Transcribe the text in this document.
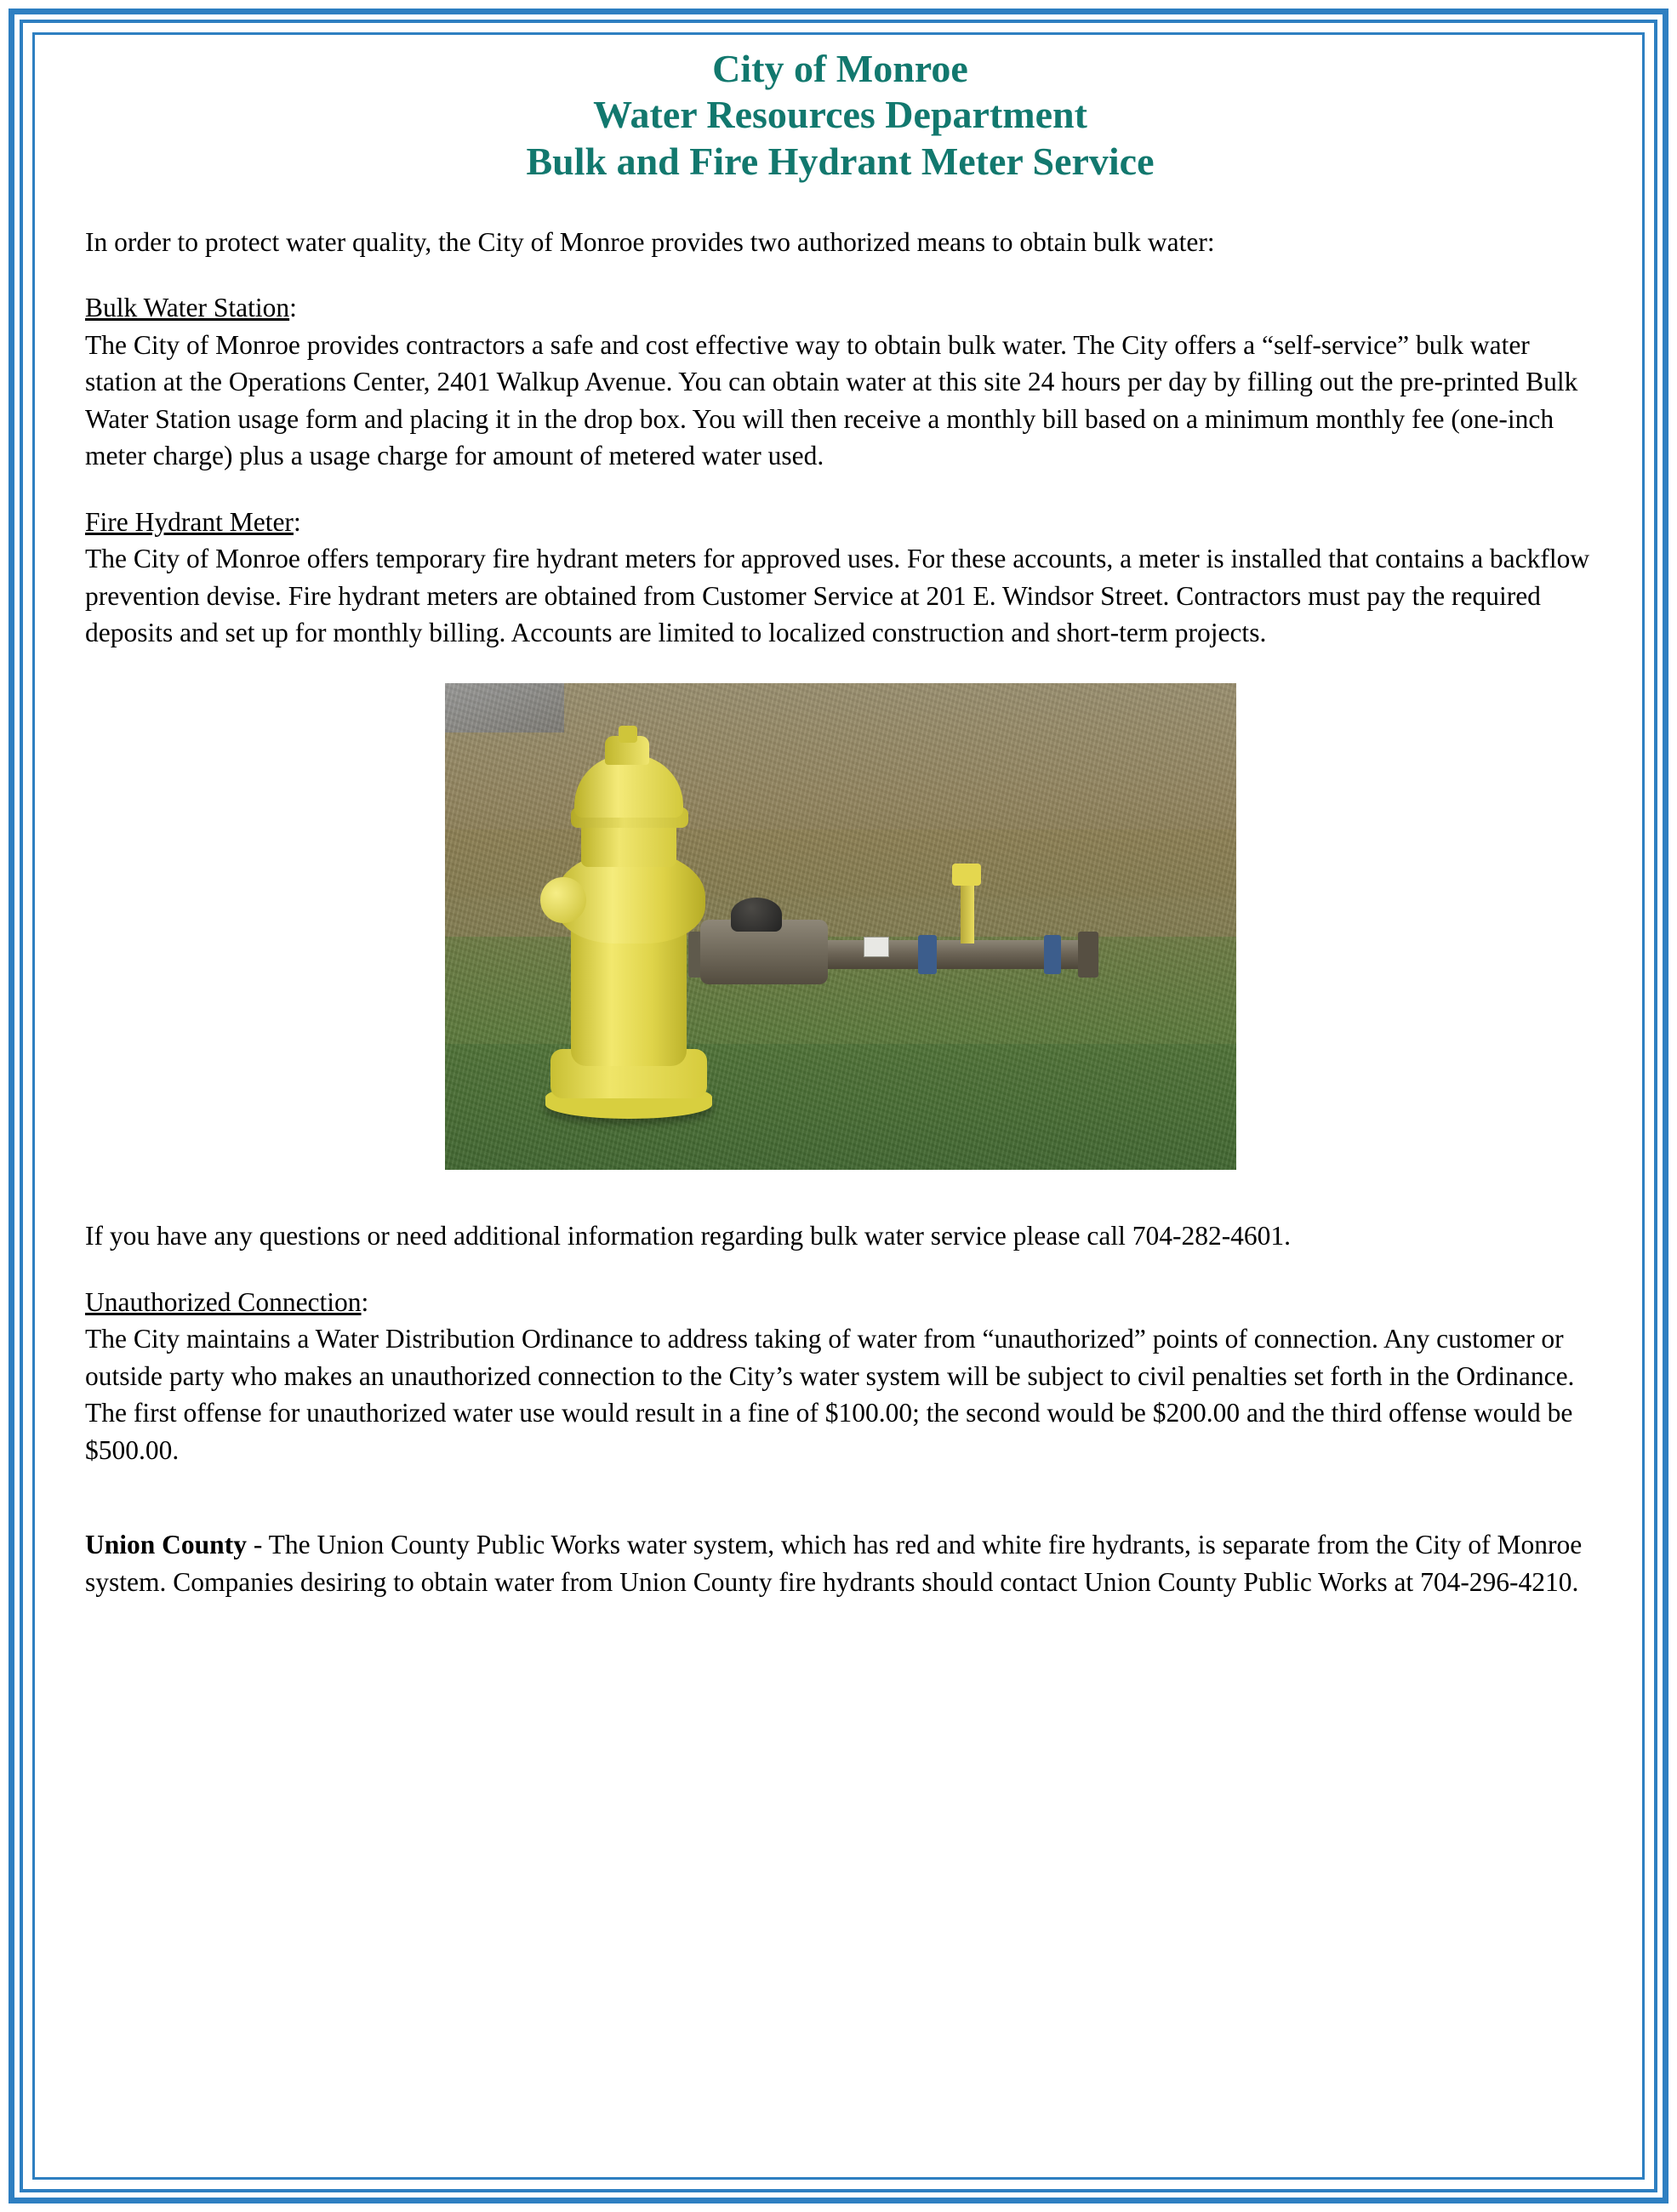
City of Monroe
Water Resources Department
Bulk and Fire Hydrant Meter Service

In order to protect water quality, the City of Monroe provides two authorized means to obtain bulk water:

Bulk Water Station:

The City of Monroe provides contractors a safe and cost effective way to obtain bulk water. The City offers a “self-service” bulk water station at the Operations Center, 2401 Walkup Avenue. You can obtain water at this site 24 hours per day by filling out the pre-printed Bulk Water Station usage form and placing it in the drop box. You will then receive a monthly bill based on a minimum monthly fee (one-inch meter charge) plus a usage charge for amount of metered water used.

Fire Hydrant Meter:

The City of Monroe offers temporary fire hydrant meters for approved uses. For these accounts, a meter is installed that contains a backflow prevention devise. Fire hydrant meters are obtained from Customer Service at 201 E. Windsor Street. Contractors must pay the required deposits and set up for monthly billing. Accounts are limited to localized construction and short-term projects.

If you have any questions or need additional information regarding bulk water service please call 704-282-4601.

Unauthorized Connection:

The City maintains a Water Distribution Ordinance to address taking of water from “unauthorized” points of connection. Any customer or outside party who makes an unauthorized connection to the City’s water system will be subject to civil penalties set forth in the Ordinance. The first offense for unauthorized water use would result in a fine of $100.00; the second would be $200.00 and the third offense would be $500.00.

Union County - The Union County Public Works water system, which has red and white fire hydrants, is separate from the City of Monroe system. Companies desiring to obtain water from Union County fire hydrants should contact Union County Public Works at 704-296-4210.
